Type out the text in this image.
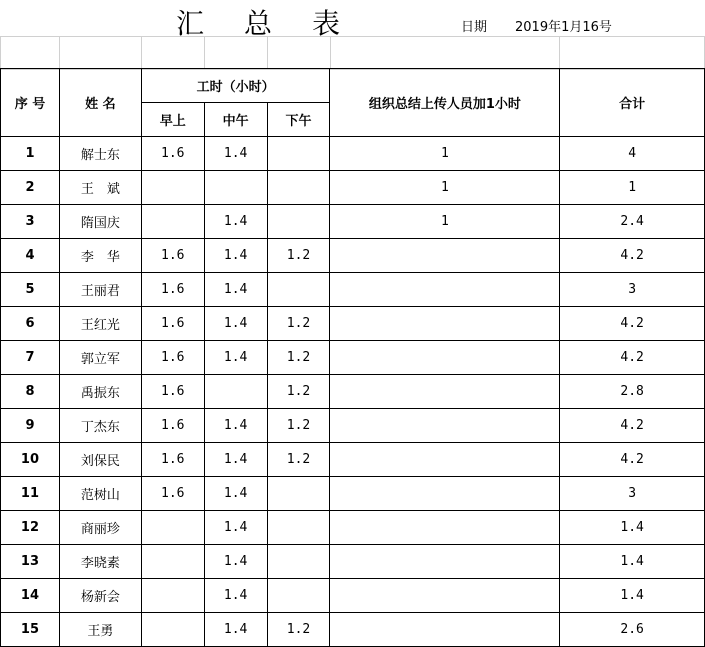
汇总表	日期 2019年1月16号

序 号	姓 名	工时（小时）			组织总结上传人员加1小时	合计
		早上	中午	下午		
1	解士东	1.6	1.4		1	4
2	王　斌				1	1
3	隋国庆		1.4		1	2.4
4	李　华	1.6	1.4	1.2		4.2
5	王丽君	1.6	1.4			3
6	王红光	1.6	1.4	1.2		4.2
7	郭立军	1.6	1.4	1.2		4.2
8	禹振东	1.6		1.2		2.8
9	丁杰东	1.6	1.4	1.2		4.2
10	刘保民	1.6	1.4	1.2		4.2
11	范树山	1.6	1.4			3
12	商丽珍		1.4			1.4
13	李晓素		1.4			1.4
14	杨新会		1.4			1.4
15	王勇		1.4	1.2		2.6
